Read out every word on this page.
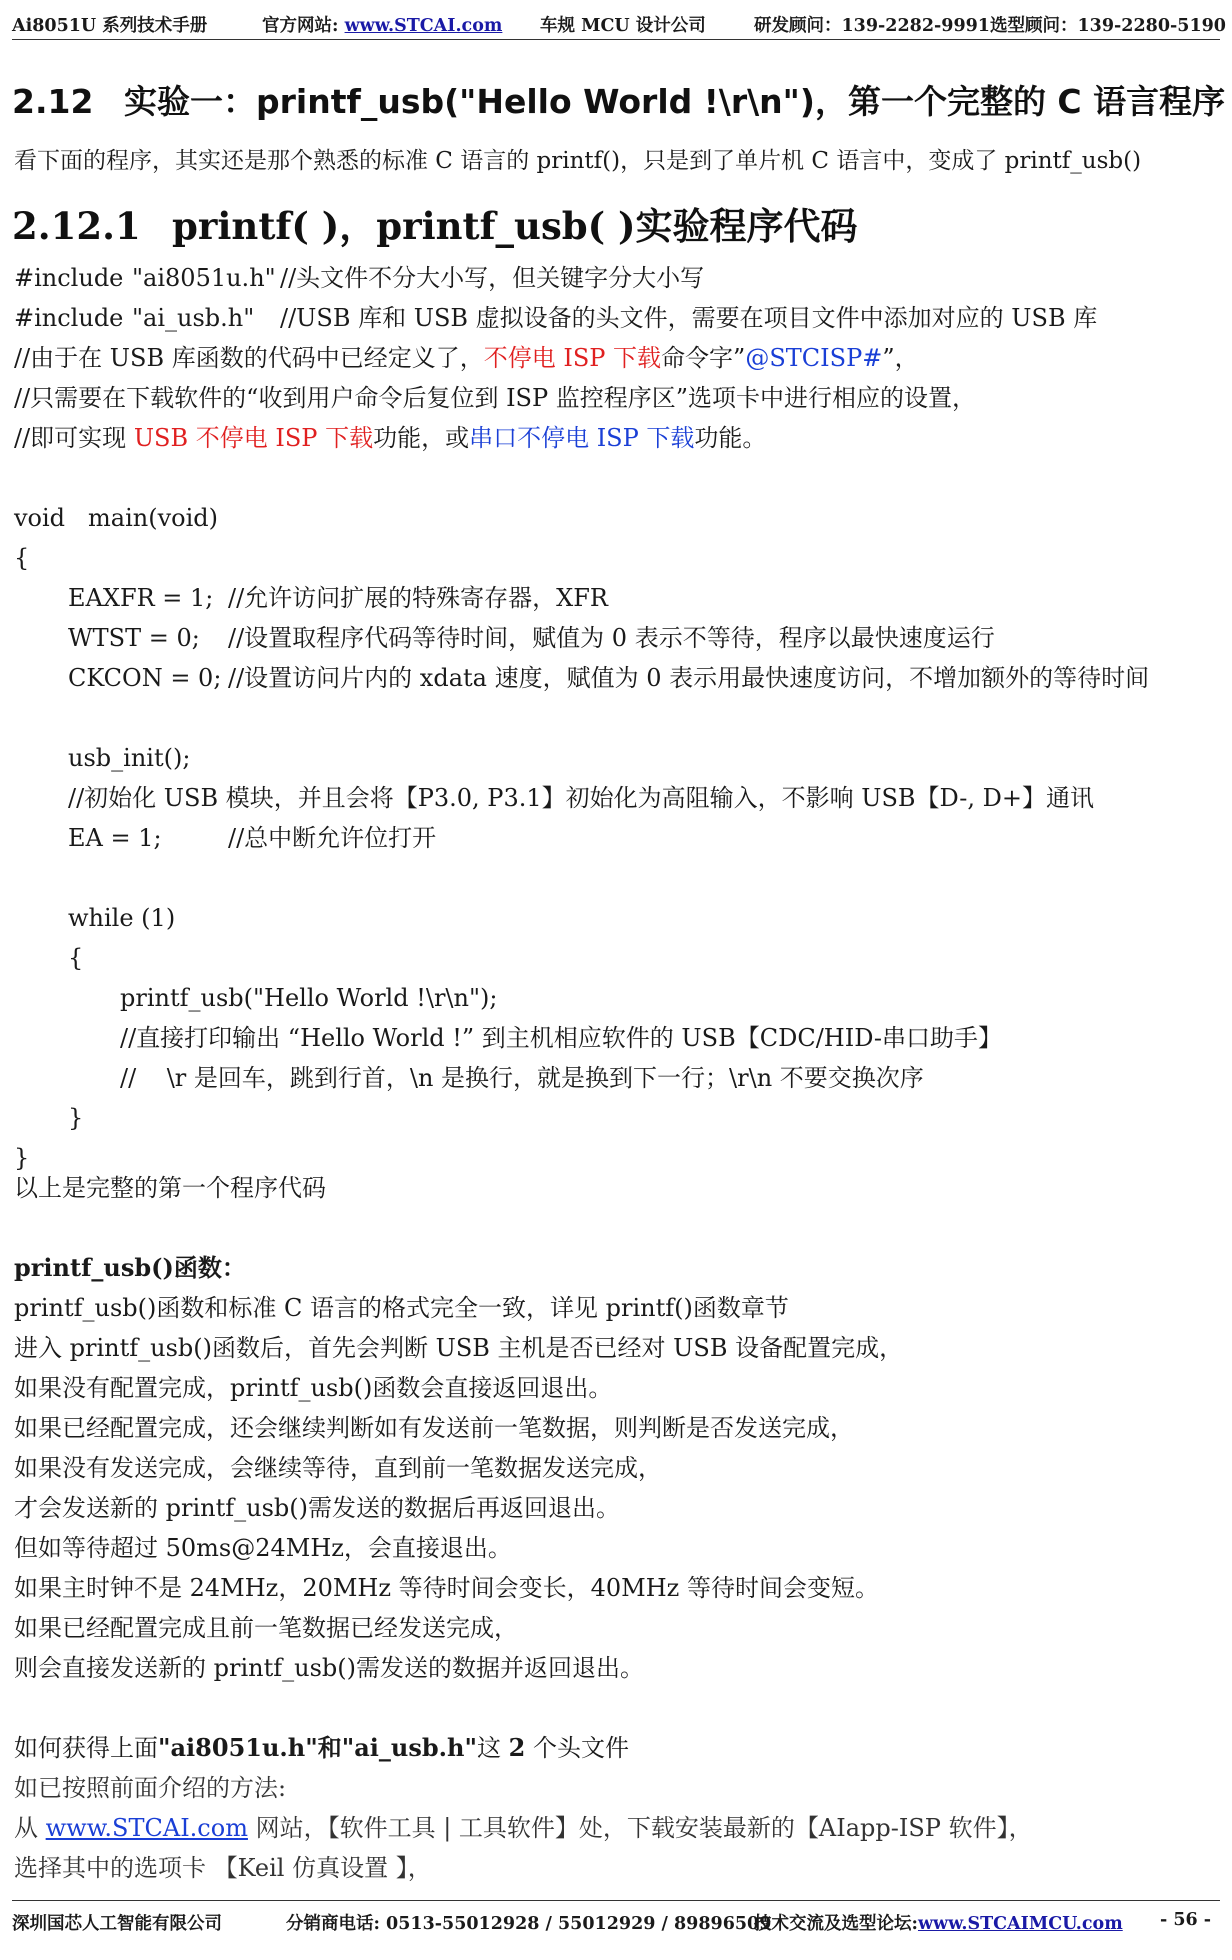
Ai8051U 系列技术手册	官方网站: www.STCAI.com 车规 MCU 设计公司	研发顾问：139-2282-9991 选型顾问：139-2280-5190
2.12 实验一：printf_usb("Hello World !\r\n")，第一个完整的 C 语言程序
看下面的程序，其实还是那个熟悉的标准 C 语言的 printf()，只是到了单片机 C 语言中，变成了 printf_usb()
2.12.1 printf( )，printf_usb( )实验程序代码
#include "ai8051u.h" //头文件不分大小写，但关键字分大小写
#include "ai_usb.h" //USB 库和 USB 虚拟设备的头文件，需要在项目文件中添加对应的 USB 库
//由于在 USB 库函数的代码中已经定义了，不停电 ISP 下载命令字”@STCISP#”，
//只需要在下载软件的“收到用户命令后复位到 ISP 监控程序区”选项卡中进行相应的设置，
//即可实现 USB 不停电 ISP 下载功能，或串口不停电 ISP 下载功能。
void main(void)
{
EAXFR = 1; //允许访问扩展的特殊寄存器，XFR
WTST = 0; //设置取程序代码等待时间，赋值为 0 表示不等待，程序以最快速度运行
CKCON = 0; //设置访问片内的 xdata 速度，赋值为 0 表示用最快速度访问，不增加额外的等待时间
usb_init();
//初始化 USB 模块，并且会将【P3.0, P3.1】初始化为高阻输入，不影响 USB【D-, D+】通讯
EA = 1;	//总中断允许位打开
while (1)
{
printf_usb("Hello World !\r\n");
//直接打印输出 “Hello World !” 到主机相应软件的 USB【CDC/HID-串口助手】
//    \r 是回车，跳到行首，\n 是换行，就是换到下一行；\r\n 不要交换次序
}
}
以上是完整的第一个程序代码
printf_usb()函数：
printf_usb()函数和标准 C 语言的格式完全一致，详见 printf()函数章节
进入 printf_usb()函数后，首先会判断 USB 主机是否已经对 USB 设备配置完成，
如果没有配置完成，printf_usb()函数会直接返回退出。
如果已经配置完成，还会继续判断如有发送前一笔数据，则判断是否发送完成，
如果没有发送完成，会继续等待，直到前一笔数据发送完成，
才会发送新的 printf_usb()需发送的数据后再返回退出。
但如等待超过 50ms@24MHz，会直接退出。
如果主时钟不是 24MHz，20MHz 等待时间会变长，40MHz 等待时间会变短。
如果已经配置完成且前一笔数据已经发送完成，
则会直接发送新的 printf_usb()需发送的数据并返回退出。
如何获得上面"ai8051u.h"和"ai_usb.h"这 2 个头文件
如已按照前面介绍的方法:
从 www.STCAI.com 网站，【软件工具 | 工具软件】处，下载安装最新的【AIapp-ISP 软件】，
选择其中的选项卡 【Keil 仿真设置 】，
深圳国芯人工智能有限公司	分销商电话: 0513-55012928 / 55012929 / 89896509
技术交流及选型论坛:www.STCAIMCU.com - 56 -
